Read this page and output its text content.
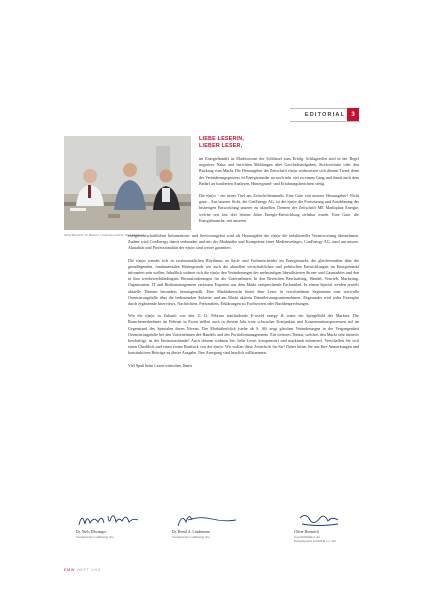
EDITORIAL	3
Oliver Bonnrich, Dr. Bernd A. Lindemann und Dr. Niels Ellwanger
LIEBE LESERIN,
LIEBER LESER,

im Energiehandel ist Marktwissen der Schlüssel zum Erfolg. Schlagzeilen sind in der Regel negativer Natur und berichten Meldungen über Geschäftsaufgaben, Stockverluste oder den Rückzug vom Markt. Die Herausgeber der Zeitschrift e|m|w widersetzen sich diesem Trend, denn der Veränderungsprozess ist Energieinsider an noch sehr viel zu einem Gang und damit auch dem Bedarf an fundierten Analysen, Hintergrund- und Erfahrungsberichten stetig.

Die e|m|w - ein neuer Titel am Zeitschriftenmarkt. Eine Gute von unserer Herausgeber? Nicht ganz... Aus unserer Sicht, die ConEnergy AG, ist die e|m|w die Fortsetzung und Ausdehnung der bisherigen Entwicklung unserer zu aktuellen Themen der Zeitschrift ME Marktplatz Energie, welche seit fast drei letzten Jahre Energie-Entwicklung sichtbar wurde. Eine Gute, die Energiebranche, mit unseren

energiewirtschaftlichen Informations- und Serviceangebot wird als Herausgeber der e|m|w die redaktionelle Verantwortung übernehmen. Zudem wird ConEnergy damit verbunden und mit der Marktnähe und Kompetenz eines Medienverlages, ConEnergy AG, rund um unsere, Aktualität und Professionalität der e|m|w sind weiter garantiert.

Die e|m|w wendet sich in zweimonatlichen Rhythmus an Sach- und Fachentscheider im Energiemarkt, die gleichermaßen über die grundlegenden, fundamentalen Hintergründe wie auch die aktuellen wirtschaftlichen und politischen Entwicklungen im Energiemarkt informiert sein wollen. Inhaltlich widmet sich die e|m|w den Veränderungen des mehrstufigen liberalisierten Strom- und Gasmarktes und den in ihm wettbewerbsbedingten Herausforderungen für die Unternehmen. In den Bereichen Beschaffung, Handel, Vertrieb, Marketing, Organisation, IT und Risikomanagement verfassen Experten aus dem Markt entsprechende Fachartikel. In einem Special werden jeweils aktuelle Themen besonders herausgestellt. Eine Marktübersicht bietet dem Leser in verschiedenen Segmenten eine wertvolle Orientierungshilfe über die bedeutenden Anbieter und am Markt aktiven Dienstleistungsunternehmen. Abgerundet wird jedes Exemplar durch ergänzende Interviews, Nachrichten, Personalien, Erklärungen zu Fachworten oder Buchbesprechungen.

Wie die e|m|w in Zukunft von den 11.-13. Februar stattfindende E-world energy & water ein Spiegelbild des Marktes. Die Branchenteilnehmer im Februar in Essen stellen auch in diesem Jahr trotz schwacher Konjunktur und Konzentrationsprozessen auf im Gegenstand des Spezialen deren Niveau. Der Marktüberblick (siehe ab S. 46) zeigt gleichen Veränderungen in der Vergangenheit Orientierungshilfe bei den Unternehmen des Handels und des Portfoliomanagements. Ein weiteres Thema, welches den Markt sehr intensiv beschäftigt, ist der Emissionshandel. Auch diesem widmen Sie, liebe Leser, komprimiert und marktnah informiert. Verschaffen Sie sich einen Überblick und einen ersten Eindruck von der e|m|w. Wir wollen diese Zeitschrift für Sie! Daher bitten Sie uns Ihre Anmerkungen und konstruktiven Beiträge zu dieser Ausgabe. Ihre Anregung sind herzlich willkommen.

Viel Spaß beim Lesen wünschen Ihnen

Dr. Niels Ellwanger
Vorstand der ConEnergy AG
Dr. Bernd A. Lindemann
Vorstand der ConEnergy AG
Oliver Bonnrich
Geschäftsführer der
Energiepreise GmbH & Co. KG
EMW HEFT 1/03
